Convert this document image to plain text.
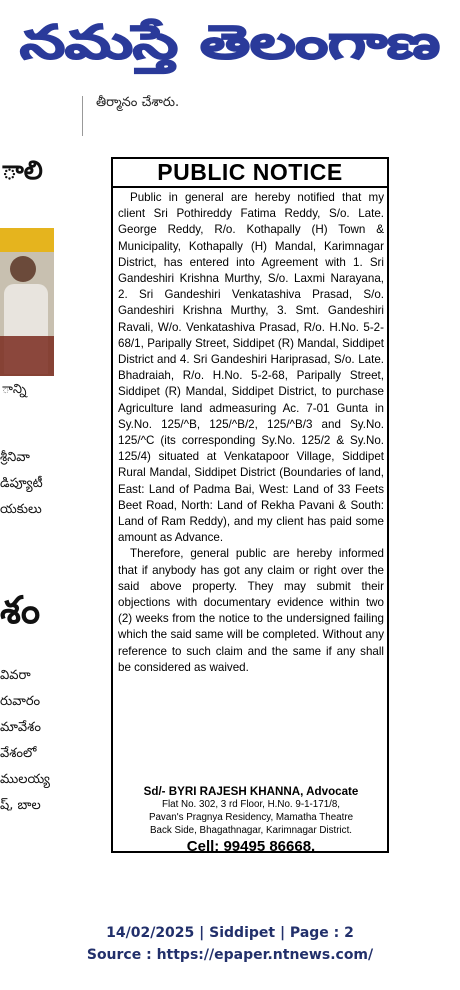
నమస్తే తెలంగాణ
తీర్మానం చేశారు.
ాలి
ాన్ని
శ్రీనివా
డిప్యూటీ
యకులు
శం
వివరా
రువారం
మావేశం
వేశంలో
ములయ్య
ష్, బాల
PUBLIC NOTICE

Public in general are hereby notified that my client Sri Pothireddy Fatima Reddy, S/o. Late. George Reddy, R/o. Kothapally (H) Town & Municipality, Kothapally (H) Mandal, Karimnagar District, has entered into Agreement with 1. Sri Gandeshiri Krishna Murthy, S/o. Laxmi Narayana, 2. Sri Gandeshiri Venkatashiva Prasad, S/o. Gandeshiri Krishna Murthy, 3. Smt. Gandeshiri Ravali, W/o. Venkatashiva Prasad, R/o. H.No. 5-2-68/1, Paripally Street, Siddipet (R) Mandal, Siddipet District and 4. Sri Gandeshiri Hariprasad, S/o. Late. Bhadraiah, R/o. H.No. 5-2-68, Paripally Street, Siddipet (R) Mandal, Siddipet District, to purchase Agriculture land admeasuring Ac. 7-01 Gunta in Sy.No. 125/^B, 125/^B/2, 125/^B/3 and Sy.No. 125/^C (its corresponding Sy.No. 125/2 & Sy.No. 125/4) situated at Venkatapoor Village, Siddipet Rural Mandal, Siddipet District (Boundaries of land, East: Land of Padma Bai, West: Land of 33 Feets Beet Road, North: Land of Rekha Pavani & South: Land of Ram Reddy), and my client has paid some amount as Advance.

Therefore, general public are hereby informed that if anybody has got any claim or right over the said above property. They may submit their objections with documentary evidence within two (2) weeks from the notice to the undersigned failing which the said same will be completed. Without any reference to such claim and the same if any shall be considered as waived.

Sd/- BYRI RAJESH KHANNA, Advocate
Flat No. 302, 3 rd Floor, H.No. 9-1-171/8,
Pavan's Pragnya Residency, Mamatha Theatre
Back Side, Bhagathnagar, Karimnagar District.
Cell: 99495 86668.
14/02/2025 | Siddipet | Page : 2
Source : https://epaper.ntnews.com/
